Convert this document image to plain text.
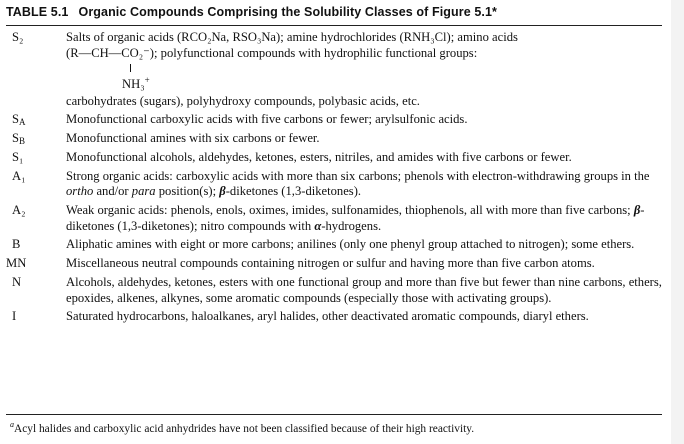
TABLE 5.1 Organic Compounds Comprising the Solubility Classes of Figure 5.1*
S₂	Salts of organic acids (RCO₂Na, RSO₃Na); amine hydrochlorides (RNH₃Cl); amino acids
(R—CH—CO₂⁻); polyfunctional compounds with hydrophilic functional groups:
NH₃+
carbohydrates (sugars), polyhydroxy compounds, polybasic acids, etc.
$S_A$	Monofunctional carboxylic acids with five carbons or fewer; arylsulfonic acids.
$S_B$	Monofunctional amines with six carbons or fewer.
S₁	Monofunctional alcohols, aldehydes, ketones, esters, nitriles, and amides with five carbons or fewer.
A₁	Strong organic acids: carboxylic acids with more than six carbons; phenols with electron-withdrawing groups in the ortho and/or para position(s); β-diketones (1,3-diketones).
A₂	Weak organic acids: phenols, enols, oximes, imides, sulfonamides, thiophenols, all with more than five carbons; β-diketones (1,3-diketones); nitro compounds with α-hydrogens.
B	Aliphatic amines with eight or more carbons; anilines (only one phenyl group attached to nitrogen); some ethers.
MN	Miscellaneous neutral compounds containing nitrogen or sulfur and having more than five carbon atoms.
N	Alcohols, aldehydes, ketones, esters with one functional group and more than five but fewer than nine carbons, ethers, epoxides, alkenes, alkynes, some aromatic compounds (especially those with activating groups).
I	Saturated hydrocarbons, haloalkanes, aryl halides, other deactivated aromatic compounds, diaryl ethers.
$^a$Acyl halides and carboxylic acid anhydrides have not been classified because of their high reactivity.
